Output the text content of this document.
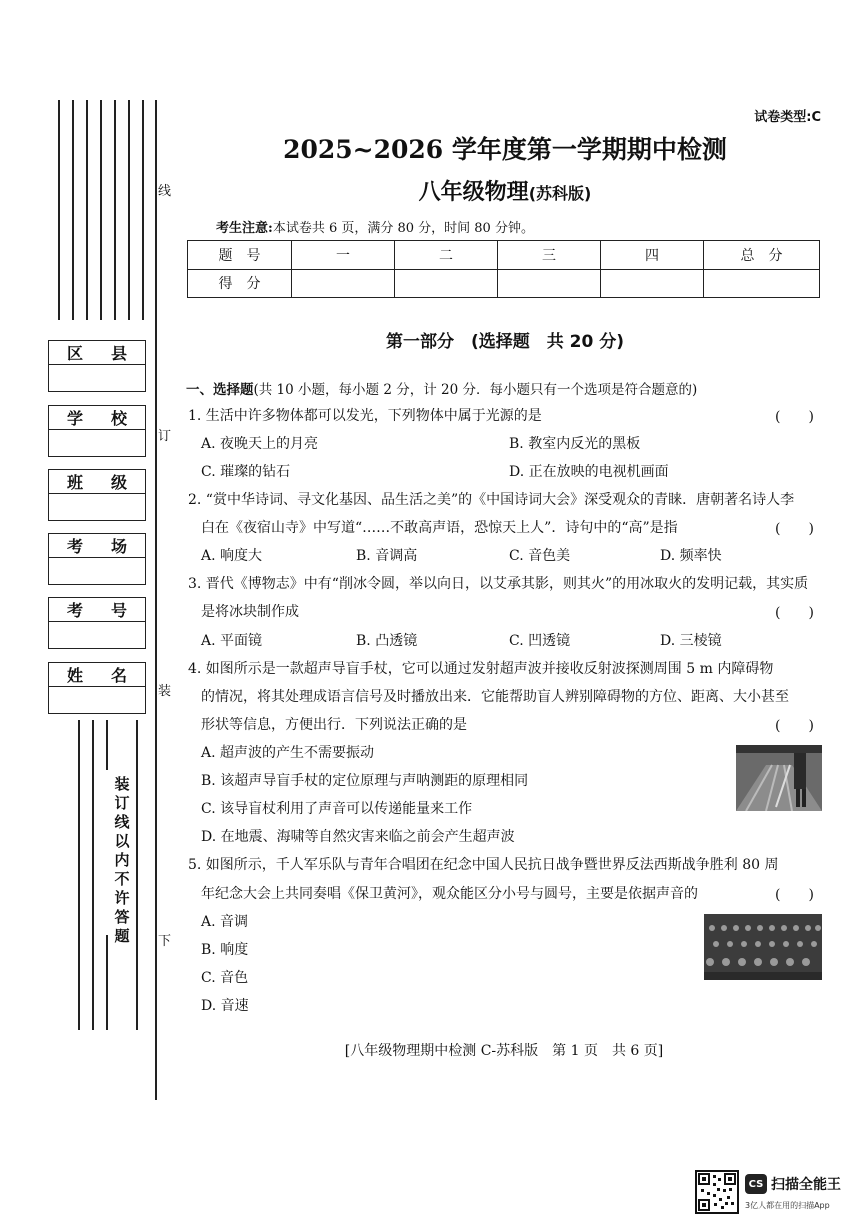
区 县
学 校
班 级
考 场
考 号
姓 名
线
订
装
下
装订线以内不许答题
试卷类型:C
2025~2026 学年度第一学期期中检测
八年级物理(苏科版)
考生注意:本试卷共 6 页，满分 80 分，时间 80 分钟。
题　号	一	二	三	四	总　分
得　分					
第一部分　(选择题　共 20 分)
一、选择题(共 10 小题，每小题 2 分，计 20 分．每小题只有一个选项是符合题意的)
1. 生活中许多物体都可以发光，下列物体中属于光源的是	(　　)
A. 夜晚天上的月亮	B. 教室内反光的黑板
C. 璀璨的钻石	D. 正在放映的电视机画面
2. “赏中华诗词、寻文化基因、品生活之美”的《中国诗词大会》深受观众的青睐．唐朝著名诗人李
白在《夜宿山寺》中写道“……不敢高声语，恐惊天上人”．诗句中的“高”是指	(　　)
A. 响度大	B. 音调高	C. 音色美	D. 频率快
3. 晋代《博物志》中有“削冰令圆，举以向日，以艾承其影，则其火”的用冰取火的发明记载，其实质
是将冰块制作成	(　　)
A. 平面镜	B. 凸透镜	C. 凹透镜	D. 三棱镜
4. 如图所示是一款超声导盲手杖，它可以通过发射超声波并接收反射波探测周围 5 m 内障碍物
的情况，将其处理成语言信号及时播放出来．它能帮助盲人辨别障碍物的方位、距离、大小甚至
形状等信息，方便出行．下列说法正确的是	(　　)
A. 超声波的产生不需要振动
B. 该超声导盲手杖的定位原理与声呐测距的原理相同
C. 该导盲杖利用了声音可以传递能量来工作
D. 在地震、海啸等自然灾害来临之前会产生超声波
5. 如图所示，千人军乐队与青年合唱团在纪念中国人民抗日战争暨世界反法西斯战争胜利 80 周
年纪念大会上共同奏唱《保卫黄河》，观众能区分小号与圆号，主要是依据声音的	(　　)
A. 音调
B. 响度
C. 音色
D. 音速
[八年级物理期中检测 C-苏科版　第 1 页　共 6 页]
CS 扫描全能王
3亿人都在用的扫描App
